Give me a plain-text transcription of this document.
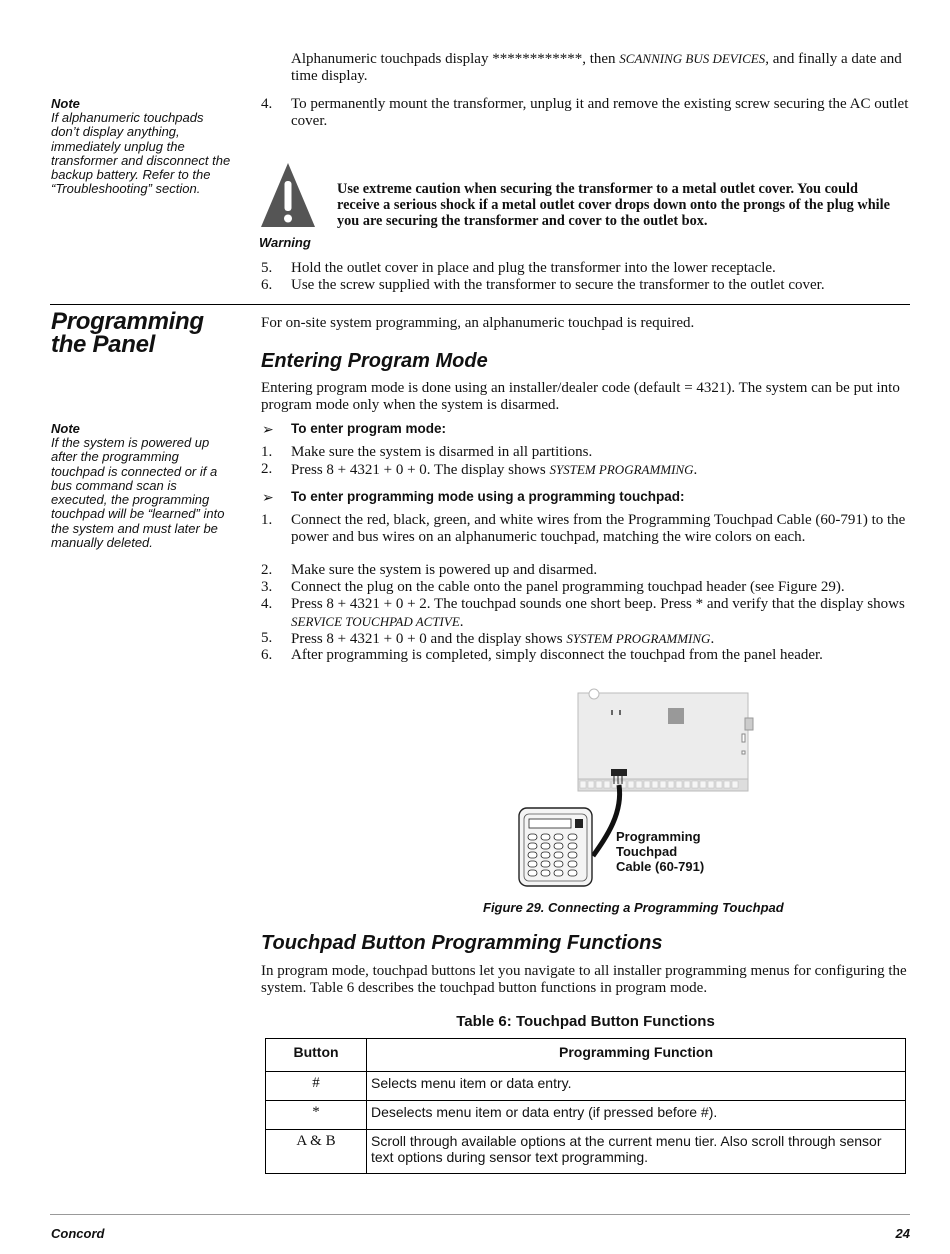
Alphanumeric touchpads display ************, then SCANNING BUS DEVICES, and finally a date and time display.
Note
If alphanumeric touchpads don’t display anything, immediately unplug the transformer and disconnect the backup battery. Refer to the “Troubleshooting” section.
4. To permanently mount the transformer, unplug it and remove the existing screw securing the AC outlet cover.
Warning
Use extreme caution when securing the transformer to a metal outlet cover. You could receive a serious shock if a metal outlet cover drops down onto the prongs of the plug while you are securing the transformer and cover to the outlet box.
5. Hold the outlet cover in place and plug the transformer into the lower receptacle.
6. Use the screw supplied with the transformer to secure the transformer to the outlet cover.
Programming
the Panel
For on-site system programming, an alphanumeric touchpad is required.
Entering Program Mode
Entering program mode is done using an installer/dealer code (default = 4321). The system can be put into program mode only when the system is disarmed.
Note
If the system is powered up after the programming touchpad is connected or if a bus command scan is executed, the programming touchpad will be “learned” into the system and must later be manually deleted.
➢ To enter program mode:
1. Make sure the system is disarmed in all partitions.
2. Press 8 + 4321 + 0 + 0. The display shows SYSTEM PROGRAMMING.
➢ To enter programming mode using a programming touchpad:
1. Connect the red, black, green, and white wires from the Programming Touchpad Cable (60-791) to the power and bus wires on an alphanumeric touchpad, matching the wire colors on each.
2. Make sure the system is powered up and disarmed.
3. Connect the plug on the cable onto the panel programming touchpad header (see Figure 29).
4. Press 8 + 4321 + 0 + 2. The touchpad sounds one short beep. Press * and verify that the display shows SERVICE TOUCHPAD ACTIVE.
5. Press 8 + 4321 + 0 + 0 and the display shows SYSTEM PROGRAMMING.
6. After programming is completed, simply disconnect the touchpad from the panel header.
Programming
Touchpad
Cable (60-791)
Figure 29. Connecting a Programming Touchpad
Touchpad Button Programming Functions
In program mode, touchpad buttons let you navigate to all installer programming menus for configuring the system. Table 6 describes the touchpad button functions in program mode.
Table 6: Touchpad Button Functions
Button	Programming Function
#	Selects menu item or data entry.
*	Deselects menu item or data entry (if pressed before #).
A & B	Scroll through available options at the current menu tier. Also scroll through sensor text options during sensor text programming.
Concord	24
